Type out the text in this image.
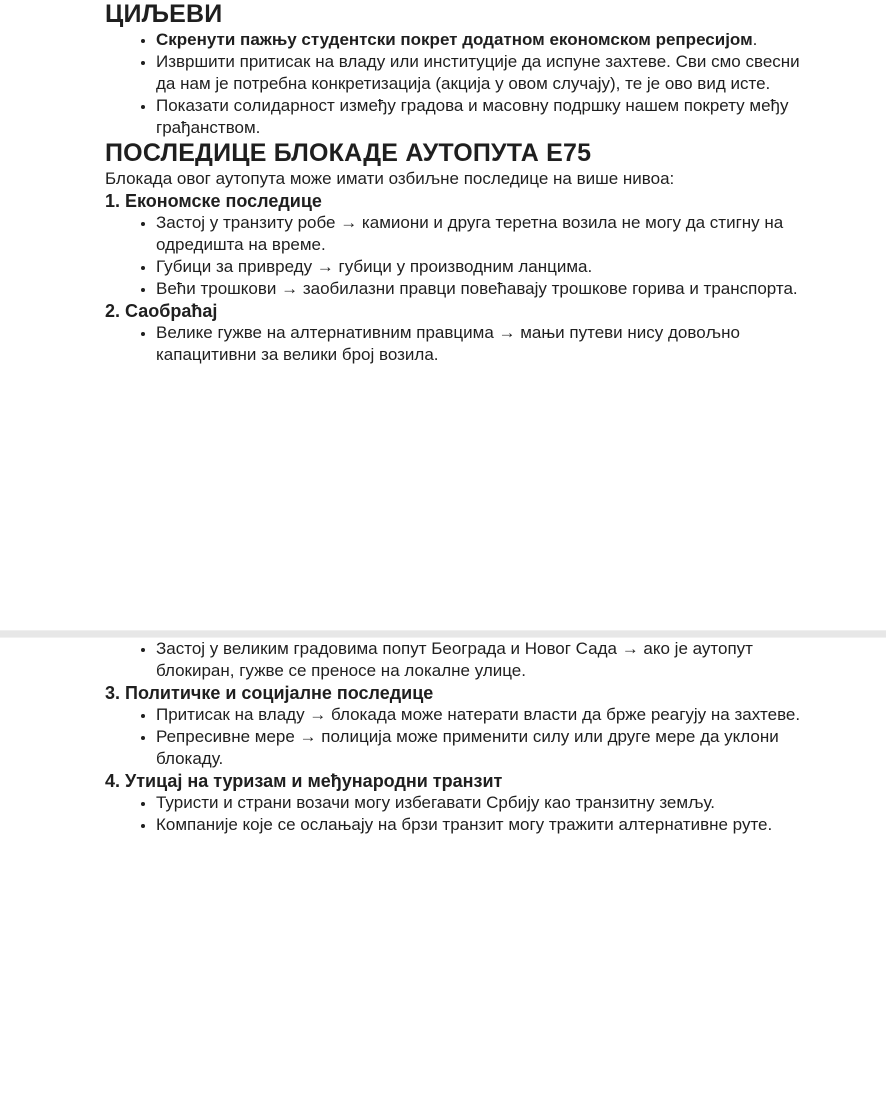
ЦИЉЕВИ
• Скренути пажњу студентски покрет додатном економском репресијом.
• Извршити притисак на владу или институције да испуне захтеве. Сви смо свесни да нам је потребна конкретизација (акција у овом случају), те је ово вид исте.
• Показати солидарност између градова и масовну подршку нашем покрету међу грађанством.
ПОСЛЕДИЦЕ БЛОКАДЕ АУТОПУТА Е75

Блокада овог аутопута може имати озбиљне последице на више нивоа:

1. Економске последице
• Застој у транзиту робе → камиони и друга теретна возила не могу да стигну на одредишта на време.
• Губици за привреду → губици у производним ланцима.
• Већи трошкови → заобилазни правци повећавају трошкове горива и транспорта.
2. Саобраћај
• Велике гужве на алтернативним правцима → мањи путеви нису довољно капацитивни за велики број возила.
• Застој у великим градовима попут Београда и Новог Сада → ако је аутопут блокиран, гужве се преносе на локалне улице.
3. Политичке и социјалне последице
• Притисак на владу → блокада може натерати власти да брже реагују на захтеве.
• Репресивне мере → полиција може применити силу или друге мере да уклони блокаду.
4. Утицај на туризам и међународни транзит
• Туристи и страни возачи могу избегавати Србију као транзитну земљу.
• Компаније које се ослањају на брзи транзит могу тражити алтернативне руте.
